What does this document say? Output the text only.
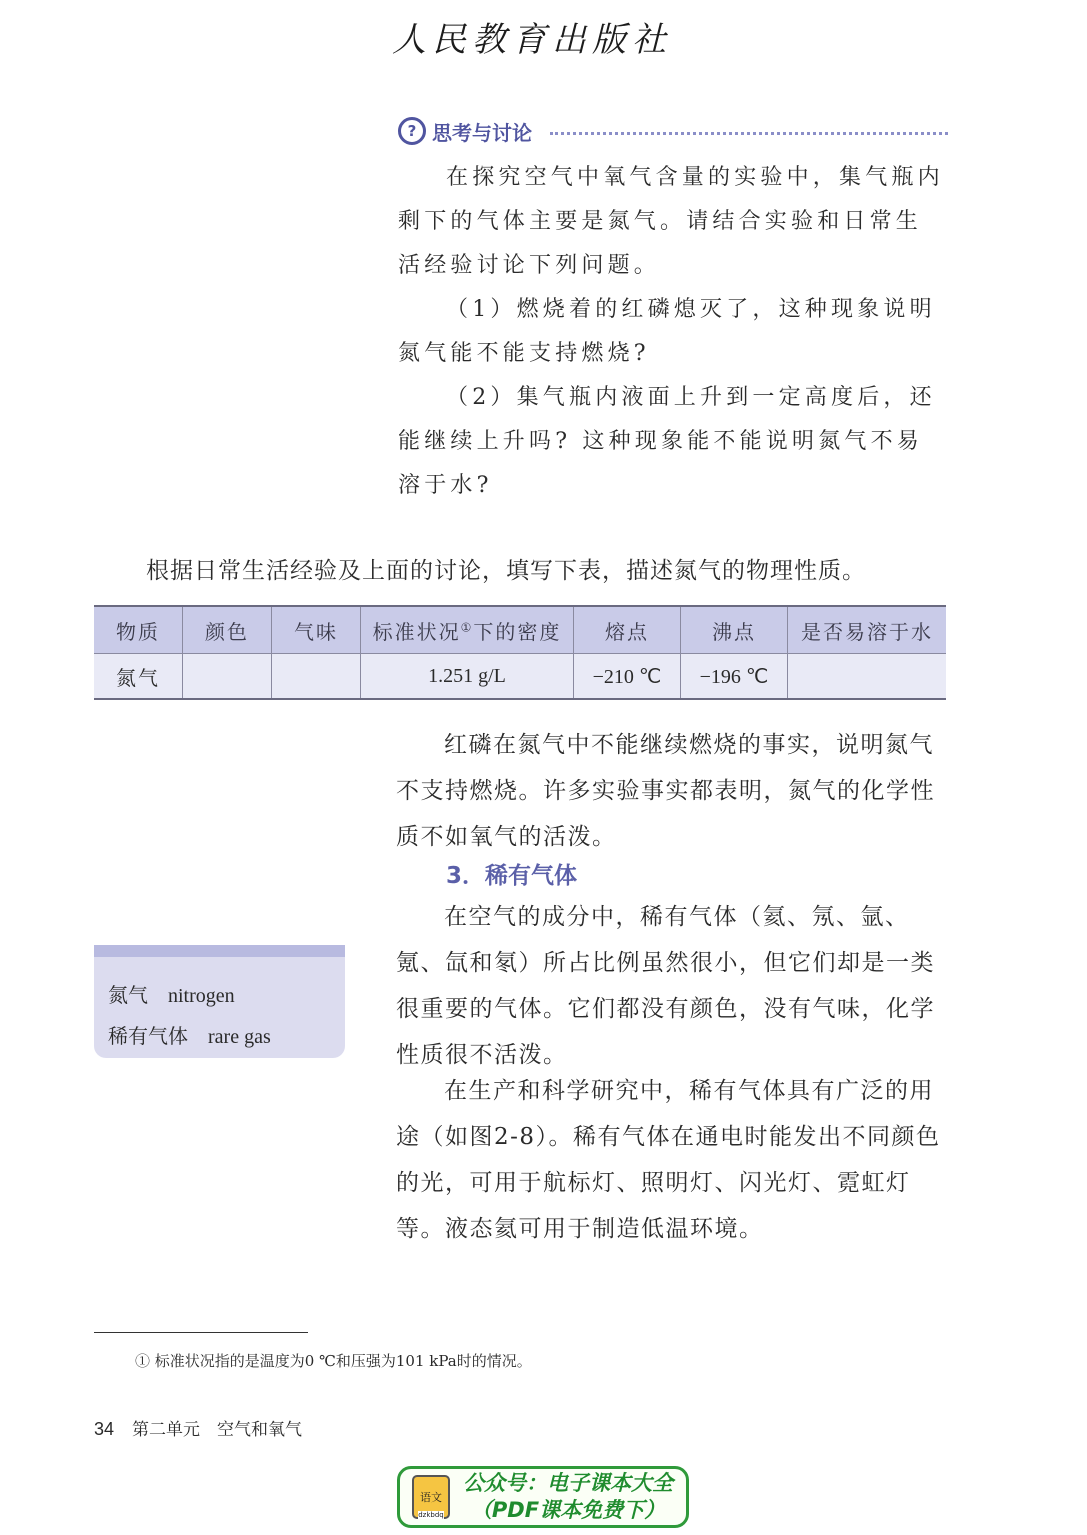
人民教育出版社
? 思考与讨论

在探究空气中氧气含量的实验中，集气瓶内剩下的气体主要是氮气。请结合实验和日常生活经验讨论下列问题。

（1）燃烧着的红磷熄灭了，这种现象说明氮气能不能支持燃烧?

（2）集气瓶内液面上升到一定高度后，还能继续上升吗? 这种现象能不能说明氮气不易溶于水?

根据日常生活经验及上面的讨论，填写下表，描述氮气的物理性质。

物质	颜色	气味	标准状况①下的密度	熔点	沸点	是否易溶于水
氮气			1.251 g/L	−210 ℃	−196 ℃	

红磷在氮气中不能继续燃烧的事实，说明氮气不支持燃烧。许多实验事实都表明，氮气的化学性质不如氧气的活泼。

3．稀有气体

在空气的成分中，稀有气体（氦、氖、氩、氪、氙和氡）所占比例虽然很小，但它们却是一类很重要的气体。它们都没有颜色，没有气味，化学性质很不活泼。

在生产和科学研究中，稀有气体具有广泛的用途（如图2-8）。稀有气体在通电时能发出不同颜色的光，可用于航标灯、照明灯、闪光灯、霓虹灯等。液态氦可用于制造低温环境。

氮气 nitrogen
稀有气体 rare gas
① 标准状况指的是温度为0 ℃和压强为101 kPa时的情况。
34 第二单元　空气和氧气
语文
dzkbdq
公众号：电子课本大全
（PDF课本免费下）
